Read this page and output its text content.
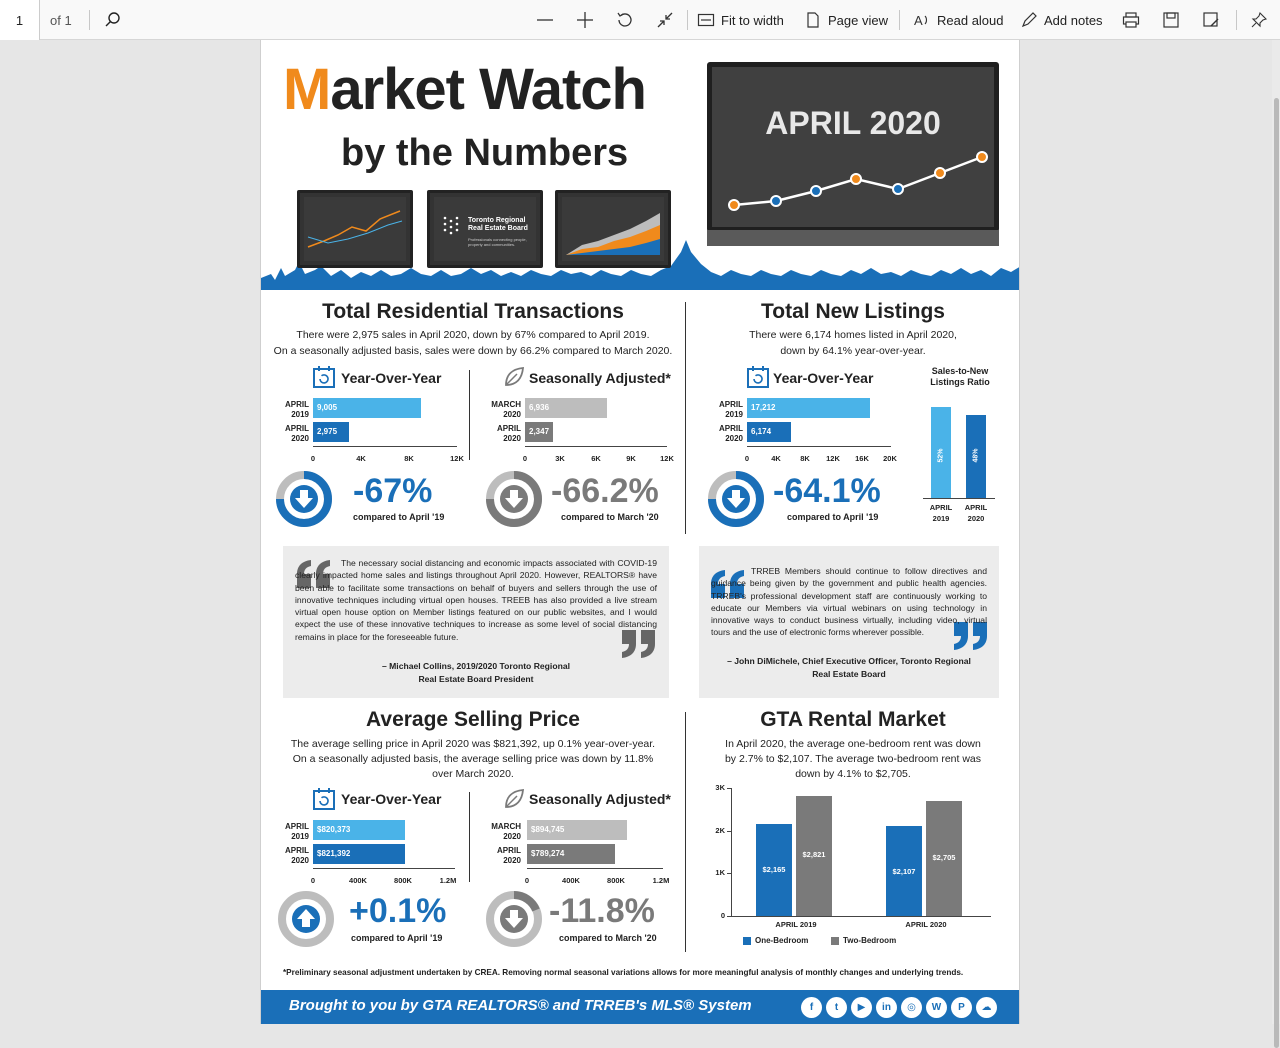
1 of 1	Fit to width	Page view A Read aloud	Add notes
Market Watch
by the Numbers
Toronto Regional
Real Estate Board
Professionals connecting people, property and communities.
APRIL 2020
Total Residential Transactions
There were 2,975 sales in April 2020, down by 67% compared to April 2019.
On a seasonally adjusted basis, sales were down by 66.2% compared to March 2020.
Year-Over-Year
APRIL
2019
9,005
APRIL
2020
2,975
0	4K	8K	12K
-67%
compared to April '19
Seasonally Adjusted*
MARCH
2020
6,936
APRIL
2020
2,347
0	3K	6K	9K	12K
-66.2%
compared to March '20
Total New Listings
There were 6,174 homes listed in April 2020,
down by 64.1% year-over-year.
Year-Over-Year
APRIL
2019
17,212
APRIL
2020
6,174
0	4K	8K	12K	16K	20K
-64.1%
compared to April '19
Sales-to-New
Listings Ratio
52%	48%
APRIL
2019
APRIL
2020
The necessary social distancing and economic impacts associated with COVID-19 clearly impacted home sales and listings throughout April 2020. However, REALTORS® have been able to facilitate some transactions on behalf of buyers and sellers through the use of innovative techniques including virtual open houses. TREEB has also provided a live stream virtual open house option on Member listings featured on our public websites, and I would expect the use of these innovative techniques to increase as some level of social distancing remains in place for the foreseeable future.
– Michael Collins, 2019/2020 Toronto Regional
Real Estate Board President
TRREB Members should continue to follow directives and guidance being given by the government and public health agencies. TRREB's professional development staff are continuously working to educate our Members via virtual webinars on using technology in innovative ways to conduct business virtually, including video, virtual tours and the use of electronic forms wherever possible.
– John DiMichele, Chief Executive Officer, Toronto Regional
Real Estate Board
Average Selling Price
The average selling price in April 2020 was $821,392, up 0.1% year-over-year.
On a seasonally adjusted basis, the average selling price was down by 11.8%
over March 2020.
Year-Over-Year
APRIL
2019
$820,373
APRIL
2020
$821,392
0	400K	800K	1.2M
+0.1%
compared to April '19
Seasonally Adjusted*
MARCH
2020
$894,745
APRIL
2020
$789,274
0	400K	800K	1.2M
-11.8%
compared to March '20
GTA Rental Market
In April 2020, the average one-bedroom rent was down
by 2.7% to $2,107. The average two-bedroom rent was
down by 4.1% to $2,705.
0
1K
2K
3K
$2,165
$2,821
APRIL 2019
$2,107
$2,705
APRIL 2020
One-Bedroom	Two-Bedroom
*Preliminary seasonal adjustment undertaken by CREA. Removing normal seasonal variations allows for more meaningful analysis of monthly changes and underlying trends.
Brought to you by GTA REALTORS® and TRREB's MLS® System	f	t	▶	in	◎	W	P	☁
